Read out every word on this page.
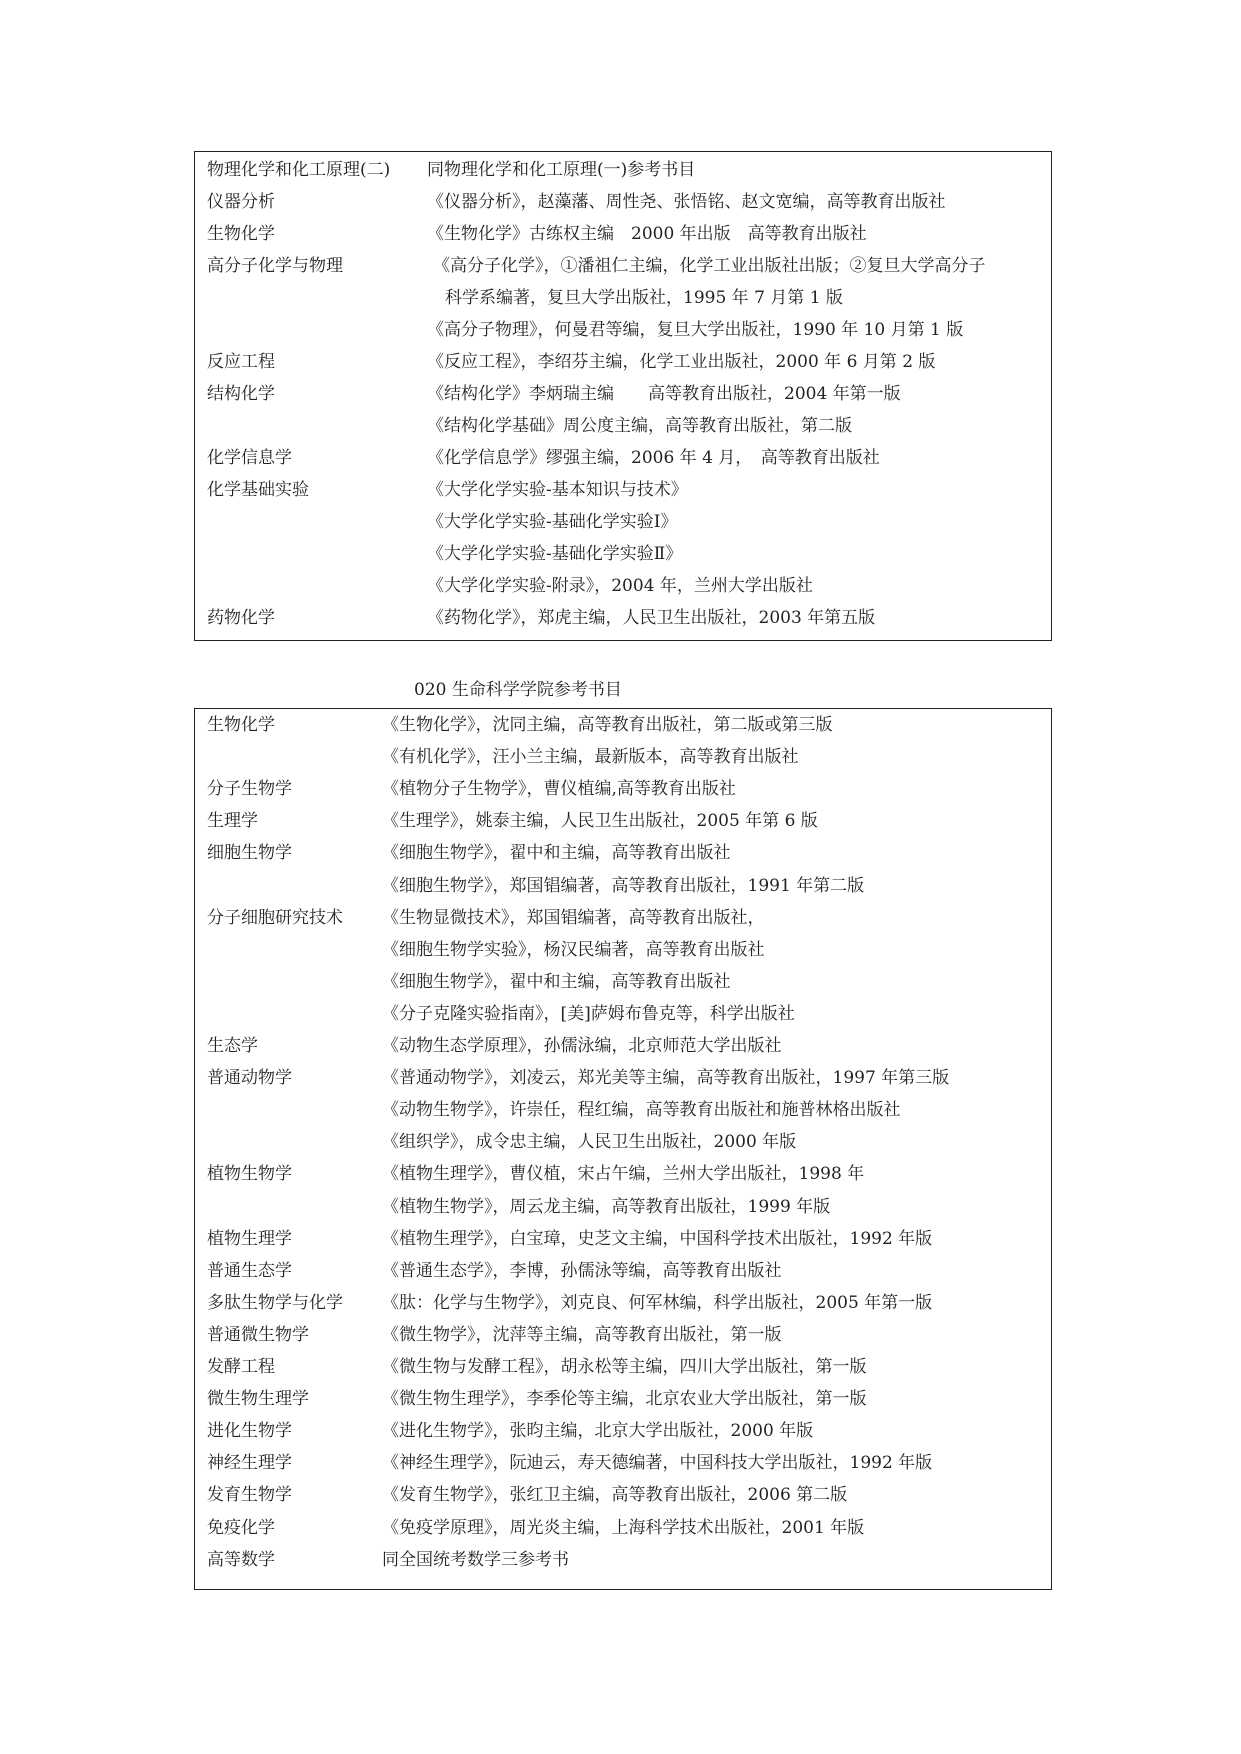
物理化学和化工原理(二) 同物理化学和化工原理(一)参考书目
仪器分析	《仪器分析》，赵藻藩、周性尧、张悟铭、赵文宽编，高等教育出版社
生物化学	《生物化学》古练权主编　2000 年出版　高等教育出版社
高分子化学与物理	《高分子化学》，①潘祖仁主编，化学工业出版社出版；②复旦大学高分子
科学系编著，复旦大学出版社，1995 年 7 月第 1 版
《高分子物理》，何曼君等编，复旦大学出版社，1990 年 10 月第 1 版
反应工程	《反应工程》，李绍芬主编，化学工业出版社，2000 年 6 月第 2 版
结构化学	《结构化学》李炳瑞主编　　高等教育出版社，2004 年第一版
《结构化学基础》周公度主编，高等教育出版社，第二版
化学信息学	《化学信息学》缪强主编，2006 年 4 月，　高等教育出版社
化学基础实验	《大学化学实验-基本知识与技术》
《大学化学实验-基础化学实验Ⅰ》
《大学化学实验-基础化学实验Ⅱ》
《大学化学实验-附录》，2004 年，兰州大学出版社
药物化学	《药物化学》，郑虎主编，人民卫生出版社，2003 年第五版
020 生命科学学院参考书目
生物化学	《生物化学》，沈同主编，高等教育出版社，第二版或第三版
《有机化学》，汪小兰主编，最新版本，高等教育出版社
分子生物学	《植物分子生物学》，曹仪植编,高等教育出版社
生理学	《生理学》，姚泰主编，人民卫生出版社，2005 年第 6 版
细胞生物学	《细胞生物学》，翟中和主编，高等教育出版社
《细胞生物学》，郑国锠编著，高等教育出版社，1991 年第二版
分子细胞研究技术 《生物显微技术》，郑国锠编著，高等教育出版社，
《细胞生物学实验》，杨汉民编著，高等教育出版社
《细胞生物学》，翟中和主编，高等教育出版社
《分子克隆实验指南》，[美]萨姆布鲁克等，科学出版社
生态学	《动物生态学原理》，孙儒泳编，北京师范大学出版社
普通动物学	《普通动物学》，刘凌云，郑光美等主编，高等教育出版社，1997 年第三版
《动物生物学》，许崇任，程红编，高等教育出版社和施普林格出版社
《组织学》，成令忠主编，人民卫生出版社，2000 年版
植物生物学	《植物生理学》，曹仪植，宋占午编，兰州大学出版社，1998 年
《植物生物学》，周云龙主编，高等教育出版社，1999 年版
植物生理学	《植物生理学》，白宝璋，史芝文主编，中国科学技术出版社，1992 年版
普通生态学	《普通生态学》，李博，孙儒泳等编，高等教育出版社
多肽生物学与化学 《肽：化学与生物学》，刘克良、何军林编，科学出版社，2005 年第一版
普通微生物学	《微生物学》，沈萍等主编，高等教育出版社，第一版
发酵工程	《微生物与发酵工程》，胡永松等主编，四川大学出版社，第一版
微生物生理学	《微生物生理学》，李季伦等主编，北京农业大学出版社，第一版
进化生物学	《进化生物学》，张昀主编，北京大学出版社，2000 年版
神经生理学	《神经生理学》，阮迪云，寿天德编著，中国科技大学出版社，1992 年版
发育生物学	《发育生物学》，张红卫主编，高等教育出版社，2006 第二版
免疫化学	《免疫学原理》，周光炎主编，上海科学技术出版社，2001 年版
高等数学	同全国统考数学三参考书
